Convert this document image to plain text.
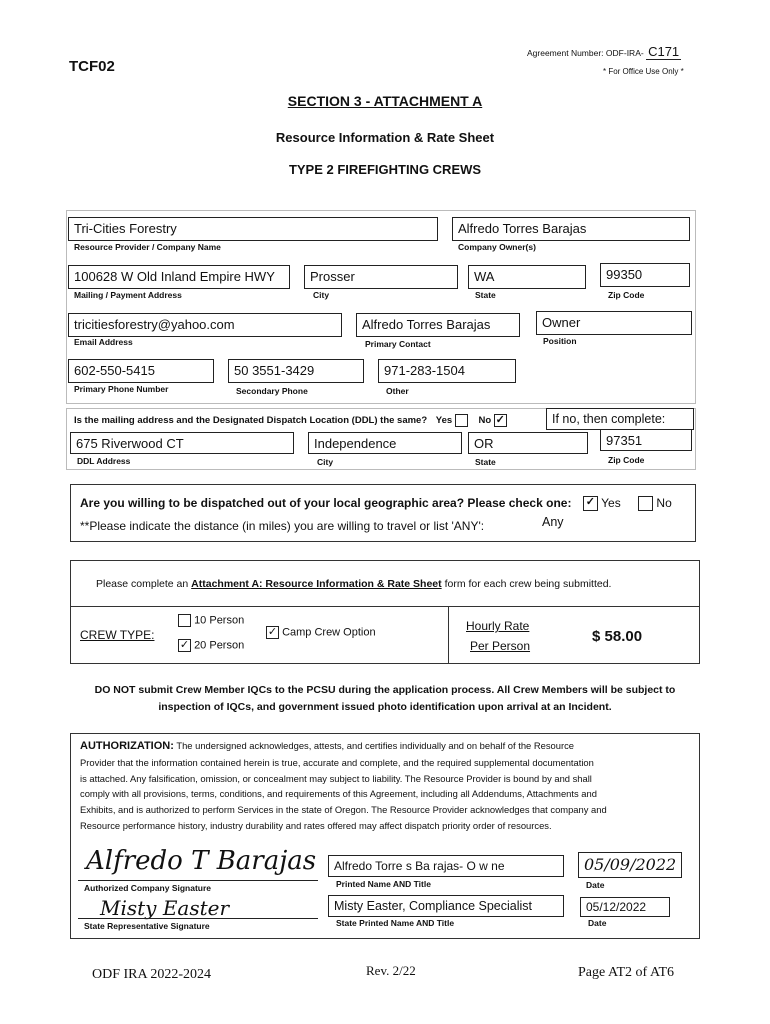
TCF02
Agreement Number: ODF-IRA- C171
* For Office Use Only *
SECTION 3 - ATTACHMENT A
Resource Information & Rate Sheet
TYPE 2 FIREFIGHTING CREWS
Tri-Cities Forestry
Resource Provider / Company Name
Alfredo Torres Barajas
Company Owner(s)
100628 W Old Inland Empire HWY
Mailing / Payment Address
Prosser
City
WA
State
99350
Zip Code
tricitiesforestry@yahoo.com
Email Address
Alfredo Torres Barajas
Primary Contact
Owner
Position
602-550-5415
Primary Phone Number
50 3551-3429
Secondary Phone
971-283-1504
Other
Is the mailing address and the Designated Dispatch Location (DDL) the same? Yes	No ✓	If no, then complete:
675 Riverwood CT
DDL Address
Independence
City
OR
State
97351
Zip Code
Are you willing to be dispatched out of your local geographic area? Please check one: ✓ Yes	No
**Please indicate the distance (in miles) you are willing to travel or list 'ANY':	Any
Please complete an Attachment A: Resource Information & Rate Sheet form for each crew being submitted.
CREW TYPE:
10 Person
✓ 20 Person
✓ Camp Crew Option	Hourly Rate
Per Person
$ 58.00
DO NOT submit Crew Member IQCs to the PCSU during the application process. All Crew Members will be subject to
inspection of IQCs, and government issued photo identification upon arrival at an Incident.
AUTHORIZATION: The undersigned acknowledges, attests, and certifies individually and on behalf of the Resource
Provider that the information contained herein is true, accurate and complete, and the required supplemental documentation
is attached. Any falsification, omission, or concealment may subject to liability. The Resource Provider is bound by and shall
comply with all provisions, terms, conditions, and requirements of this Agreement, including all Addendums, Attachments and
Exhibits, and is authorized to perform Services in the state of Oregon. The Resource Provider acknowledges that company and
Resource performance history, industry durability and rates offered may affect dispatch priority order of resources.
Alfredo T Barajas
Authorized Company Signature
Alfredo Torre s Ba rajas- O w ne
Printed Name AND Title
05/09/2022
Date
Misty Easter
State Representative Signature
Misty Easter, Compliance Specialist
State Printed Name AND Title
05/12/2022
Date
ODF IRA 2022-2024	Rev. 2/22	Page AT2 of AT6
